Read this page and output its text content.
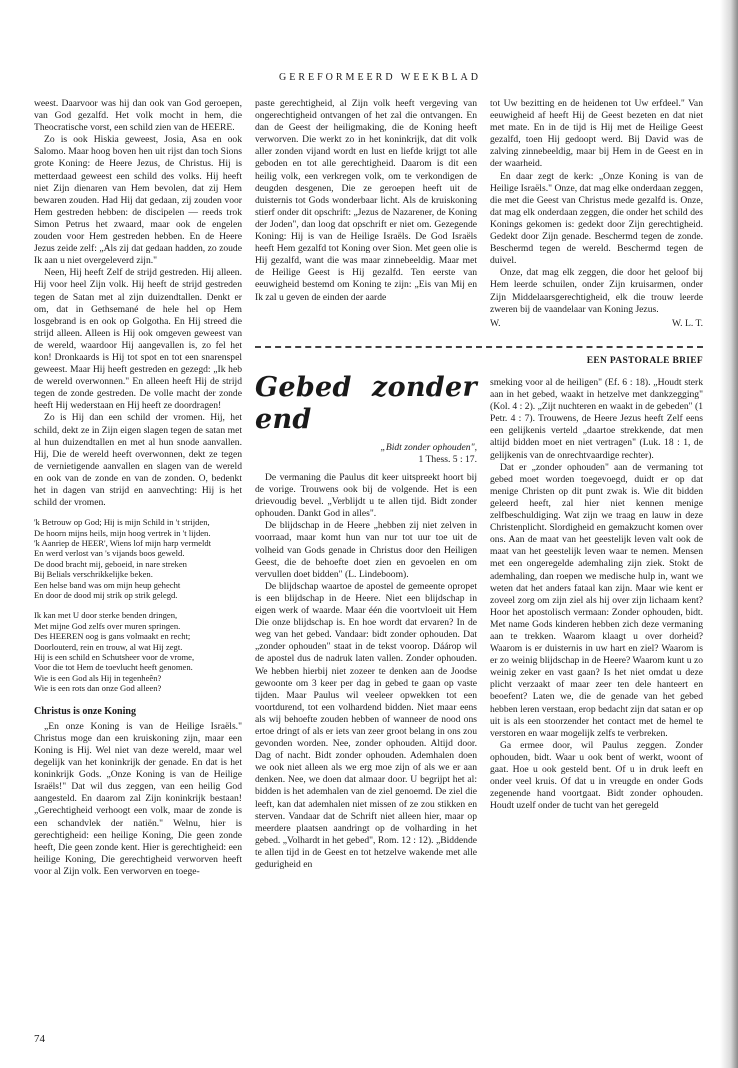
GEREFORMEERD WEEKBLAD

weest. Daarvoor was hij dan ook van God geroepen, van God gezalfd. Het volk mocht in hem, die Theocratische vorst, een schild zien van de HEERE.

Zo is ook Hiskia geweest, Josia, Asa en ook Salomo. Maar hoog boven hen uit rijst dan toch Sions grote Koning: de Heere Jezus, de Christus. Hij is metterdaad geweest een schild des volks. Hij heeft niet Zijn dienaren van Hem bevolen, dat zij Hem bewaren zouden. Had Hij dat gedaan, zij zouden voor Hem gestreden hebben: de discipelen — reeds trok Simon Petrus het zwaard, maar ook de engelen zouden voor Hem gestreden hebben. En de Heere Jezus zeide zelf: „Als zij dat gedaan hadden, zo zoude Ik aan u niet overgeleverd zijn."

Neen, Hij heeft Zelf de strijd gestreden. Hij alleen. Hij voor heel Zijn volk. Hij heeft de strijd gestreden tegen de Satan met al zijn duizendtallen. Denkt er om, dat in Gethsemané de hele hel op Hem losgebrand is en ook op Golgotha. En Hij streed die strijd alleen. Alleen is Hij ook omgeven geweest van de wereld, waardoor Hij aangevallen is, zo fel het kon! Dronkaards is Hij tot spot en tot een snarenspel geweest. Maar Hij heeft gestreden en gezegd: „Ik heb de wereld overwonnen." En alleen heeft Hij de strijd tegen de zonde gestreden. De volle macht der zonde heeft Hij wederstaan en Hij heeft ze doordragen!

Zo is Hij dan een schild der vromen. Hij, het schild, dekt ze in Zijn eigen slagen tegen de satan met al hun duizendtallen en met al hun snode aanvallen. Hij, Die de wereld heeft overwonnen, dekt ze tegen de vernietigende aanvallen en slagen van de wereld en ook van de zonde en van de zonden. O, bedenkt het in dagen van strijd en aanvechting: Hij is het schild der vromen.

'k Betrouw op God; Hij is mijn Schild in 't strijden,
De hoorn mijns heils, mijn hoog vertrek in 't lijden.
'k Aanriep de HEER', Wiens lof mijn harp vermeldt
En werd verlost van 's vijands boos geweld.
De dood bracht mij, geboeid, in nare streken
Bij Belials verschrikkelijke beken.
Een helse band was om mijn heup gehecht
En door de dood mij strik op strik gelegd.
Ik kan met U door sterke benden dringen,
Met mijne God zelfs over muren springen.
Des HEEREN oog is gans volmaakt en recht;
Doorlouterd, rein en trouw, al wat Hij zegt.
Hij is een schild en Schutsheer voor de vrome,
Voor die tot Hem de toevlucht heeft genomen.
Wie is een God als Hij in tegenheên?
Wie is een rots dan onze God alleen?
Christus is onze Koning

„En onze Koning is van de Heilige Israëls." Christus moge dan een kruiskoning zijn, maar een Koning is Hij. Wel niet van deze wereld, maar wel degelijk van het koninkrijk der genade. En dat is het koninkrijk Gods. „Onze Koning is van de Heilige Israëls!" Dat wil dus zeggen, van een heilig God aangesteld. En daarom zal Zijn koninkrijk bestaan! „Gerechtigheid verhoogt een volk, maar de zonde is een schandvlek der natiën." Welnu, hier is gerechtigheid: een heilige Koning, Die geen zonde heeft, Die geen zonde kent. Hier is gerechtigheid: een heilige Koning, Die gerechtigheid verworven heeft voor al Zijn volk. Een verworven en toege-

paste gerechtigheid, al Zijn volk heeft vergeving van ongerechtigheid ontvangen of het zal die ontvangen. En dan de Geest der heiligmaking, die de Koning heeft verworven. Die werkt zo in het koninkrijk, dat dit volk aller zonden vijand wordt en lust en liefde krijgt tot alle geboden en tot alle gerechtigheid. Daarom is dit een heilig volk, een verkregen volk, om te verkondigen de deugden desgenen, Die ze geroepen heeft uit de duisternis tot Gods wonderbaar licht. Als de kruiskoning stierf onder dit opschrift: „Jezus de Nazarener, de Koning der Joden", dan loog dat opschrift er niet om. Gezegende Koning: Hij is van de Heilige Israëls. De God Israëls heeft Hem gezalfd tot Koning over Sion. Met geen olie is Hij gezalfd, want die was maar zinnebeeldig. Maar met de Heilige Geest is Hij gezalfd. Ten eerste van eeuwigheid bestemd om Koning te zijn: „Eis van Mij en Ik zal u geven de einden der aarde

tot Uw bezitting en de heidenen tot Uw erfdeel." Van eeuwigheid af heeft Hij de Geest bezeten en dat niet met mate. En in de tijd is Hij met de Heilige Geest gezalfd, toen Hij gedoopt werd. Bij David was de zalving zinnebeeldig, maar bij Hem in de Geest en in der waarheid.

En daar zegt de kerk: „Onze Koning is van de Heilige Israëls." Onze, dat mag elke onderdaan zeggen, die met die Geest van Christus mede gezalfd is. Onze, dat mag elk onderdaan zeggen, die onder het schild des Konings gekomen is: gedekt door Zijn gerechtigheid. Gedekt door Zijn genade. Beschermd tegen de zonde. Beschermd tegen de wereld. Beschermd tegen de duivel.

Onze, dat mag elk zeggen, die door het geloof bij Hem leerde schuilen, onder Zijn kruisarmen, onder Zijn Middelaarsgerechtigheid, elk die trouw leerde zweren bij de vaandelaar van Koning Jezus.

W.	W. L. T.
EEN PASTORALE BRIEF
Gebed zonder end
„Bidt zonder ophouden",
1 Thess. 5 : 17.

De vermaning die Paulus dit keer uitspreekt hoort bij de vorige. Trouwens ook bij de volgende. Het is een drievoudig bevel. „Verblijdt u te allen tijd. Bidt zonder ophouden. Dankt God in alles".

De blijdschap in de Heere „hebben zij niet zelven in voorraad, maar komt hun van nur tot uur toe uit de volheid van Gods genade in Christus door den Heiligen Geest, die de behoefte doet zien en gevoelen en om vervullen doet bidden" (L. Lindeboom).

De blijdschap waartoe de apostel de gemeente opropet is een blijdschap in de Heere. Niet een blijdschap in eigen werk of waarde. Maar één die voortvloeit uit Hem Die onze blijdschap is. En hoe wordt dat ervaren? In de weg van het gebed. Vandaar: bidt zonder ophouden. Dat „zonder ophouden" staat in de tekst voorop. Dáárop wil de apostel dus de nadruk laten vallen. Zonder ophouden. We hebben hierbij niet zozeer te denken aan de Joodse gewoonte om 3 keer per dag in gebed te gaan op vaste tijden. Maar Paulus wil veeleer opwekken tot een voortdurend, tot een volhardend bidden. Niet maar eens als wij behoefte zouden hebben of wanneer de nood ons ertoe dringt of als er iets van zeer groot belang in ons zou gevonden worden. Nee, zonder ophouden. Altijd door. Dag of nacht. Bidt zonder ophouden. Ademhalen doen we ook niet alleen als we erg moe zijn of als we er aan denken. Nee, we doen dat almaar door. U begrijpt het al: bidden is het ademhalen van de ziel genoemd. De ziel die leeft, kan dat ademhalen niet missen of ze zou stikken en sterven. Vandaar dat de Schrift niet alleen hier, maar op meerdere plaatsen aandringt op de volharding in het gebed. „Volhardt in het gebed", Rom. 12 : 12). „Biddende te allen tijd in de Geest en tot hetzelve wakende met alle gedurigheid en

smeking voor al de heiligen" (Ef. 6 : 18). „Houdt sterk aan in het gebed, waakt in hetzelve met dankzegging" (Kol. 4 : 2). „Zijt nuchteren en waakt in de gebeden" (1 Petr. 4 : 7). Trouwens, de Heere Jezus heeft Zelf eens een gelijkenis verteld „daartoe strekkende, dat men altijd bidden moet en niet vertragen" (Luk. 18 : 1, de gelijkenis van de onrechtvaardige rechter).

Dat er „zonder ophouden" aan de vermaning tot gebed moet worden toegevoegd, duidt er op dat menige Christen op dit punt zwak is. Wie dit bidden geleerd heeft, zal hier niet kennen menige zelfbeschuldiging. Wat zijn we traag en lauw in deze Christenplicht. Slordigheid en gemakzucht komen over ons. Aan de maat van het geestelijk leven valt ook de maat van het geestelijk leven waar te nemen. Mensen met een ongeregelde ademhaling zijn ziek. Stokt de ademhaling, dan roepen we medische hulp in, want we weten dat het anders fataal kan zijn. Maar wie kent er zoveel zorg om zijn ziel als hij over zijn lichaam kent? Hoor het apostolisch vermaan: Zonder ophouden, bidt. Met name Gods kinderen hebben zich deze vermaning aan te trekken. Waarom klaagt u over dorheid? Waarom is er duisternis in uw hart en ziel? Waarom is er zo weinig blijdschap in de Heere? Waarom kunt u zo weinig zeker en vast gaan? Is het niet omdat u deze plicht verzaakt of maar zeer ten dele hanteert en beoefent? Laten we, die de genade van het gebed hebben leren verstaan, erop bedacht zijn dat satan er op uit is als een stoorzender het contact met de hemel te verstoren en waar mogelijk zelfs te verbreken.

Ga ermee door, wil Paulus zeggen. Zonder ophouden, bidt. Waar u ook bent of werkt, woont of gaat. Hoe u ook gesteld bent. Of u in druk leeft en onder veel kruis. Of dat u in vreugde en onder Gods zegenende hand voortgaat. Bidt zonder ophouden. Houdt uzelf onder de tucht van het geregeld

74
